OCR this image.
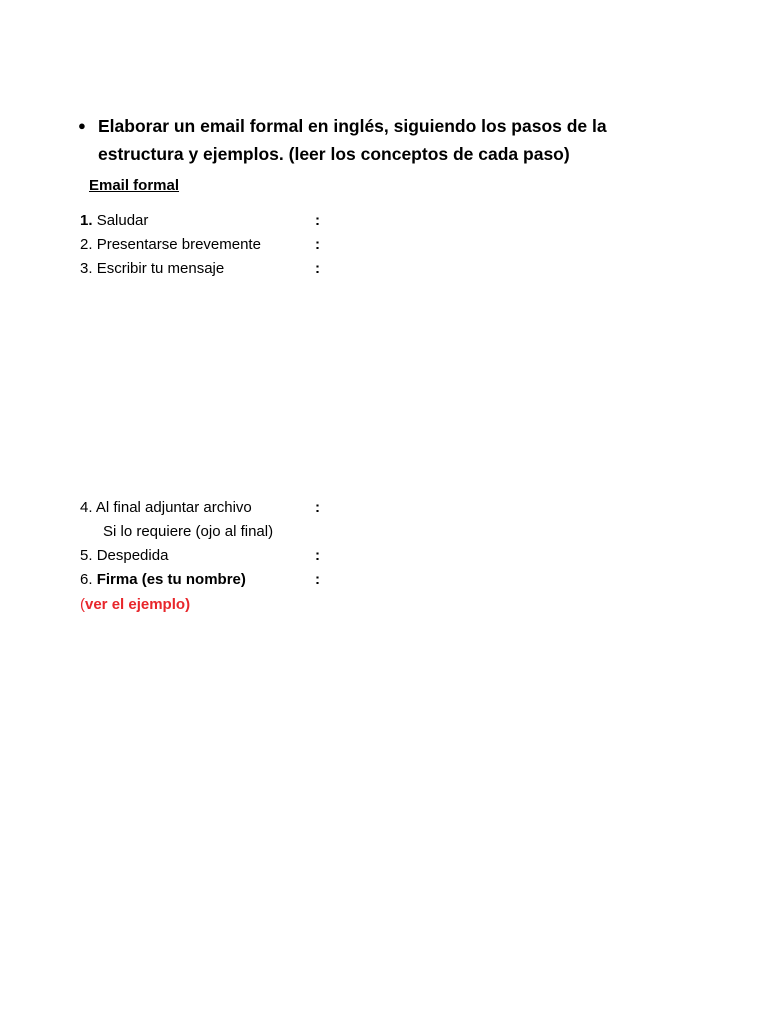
● Elaborar un email formal en inglés, siguiendo los pasos de la
estructura y ejemplos. (leer los conceptos de cada paso)
Email formal
1. Saludar	:
2. Presentarse brevemente	:
3. Escribir tu mensaje	:
4. Al final adjuntar archivo	:
Si lo requiere (ojo al final)
5. Despedida	:
6. Firma (es tu nombre)	:
(ver el ejemplo)
